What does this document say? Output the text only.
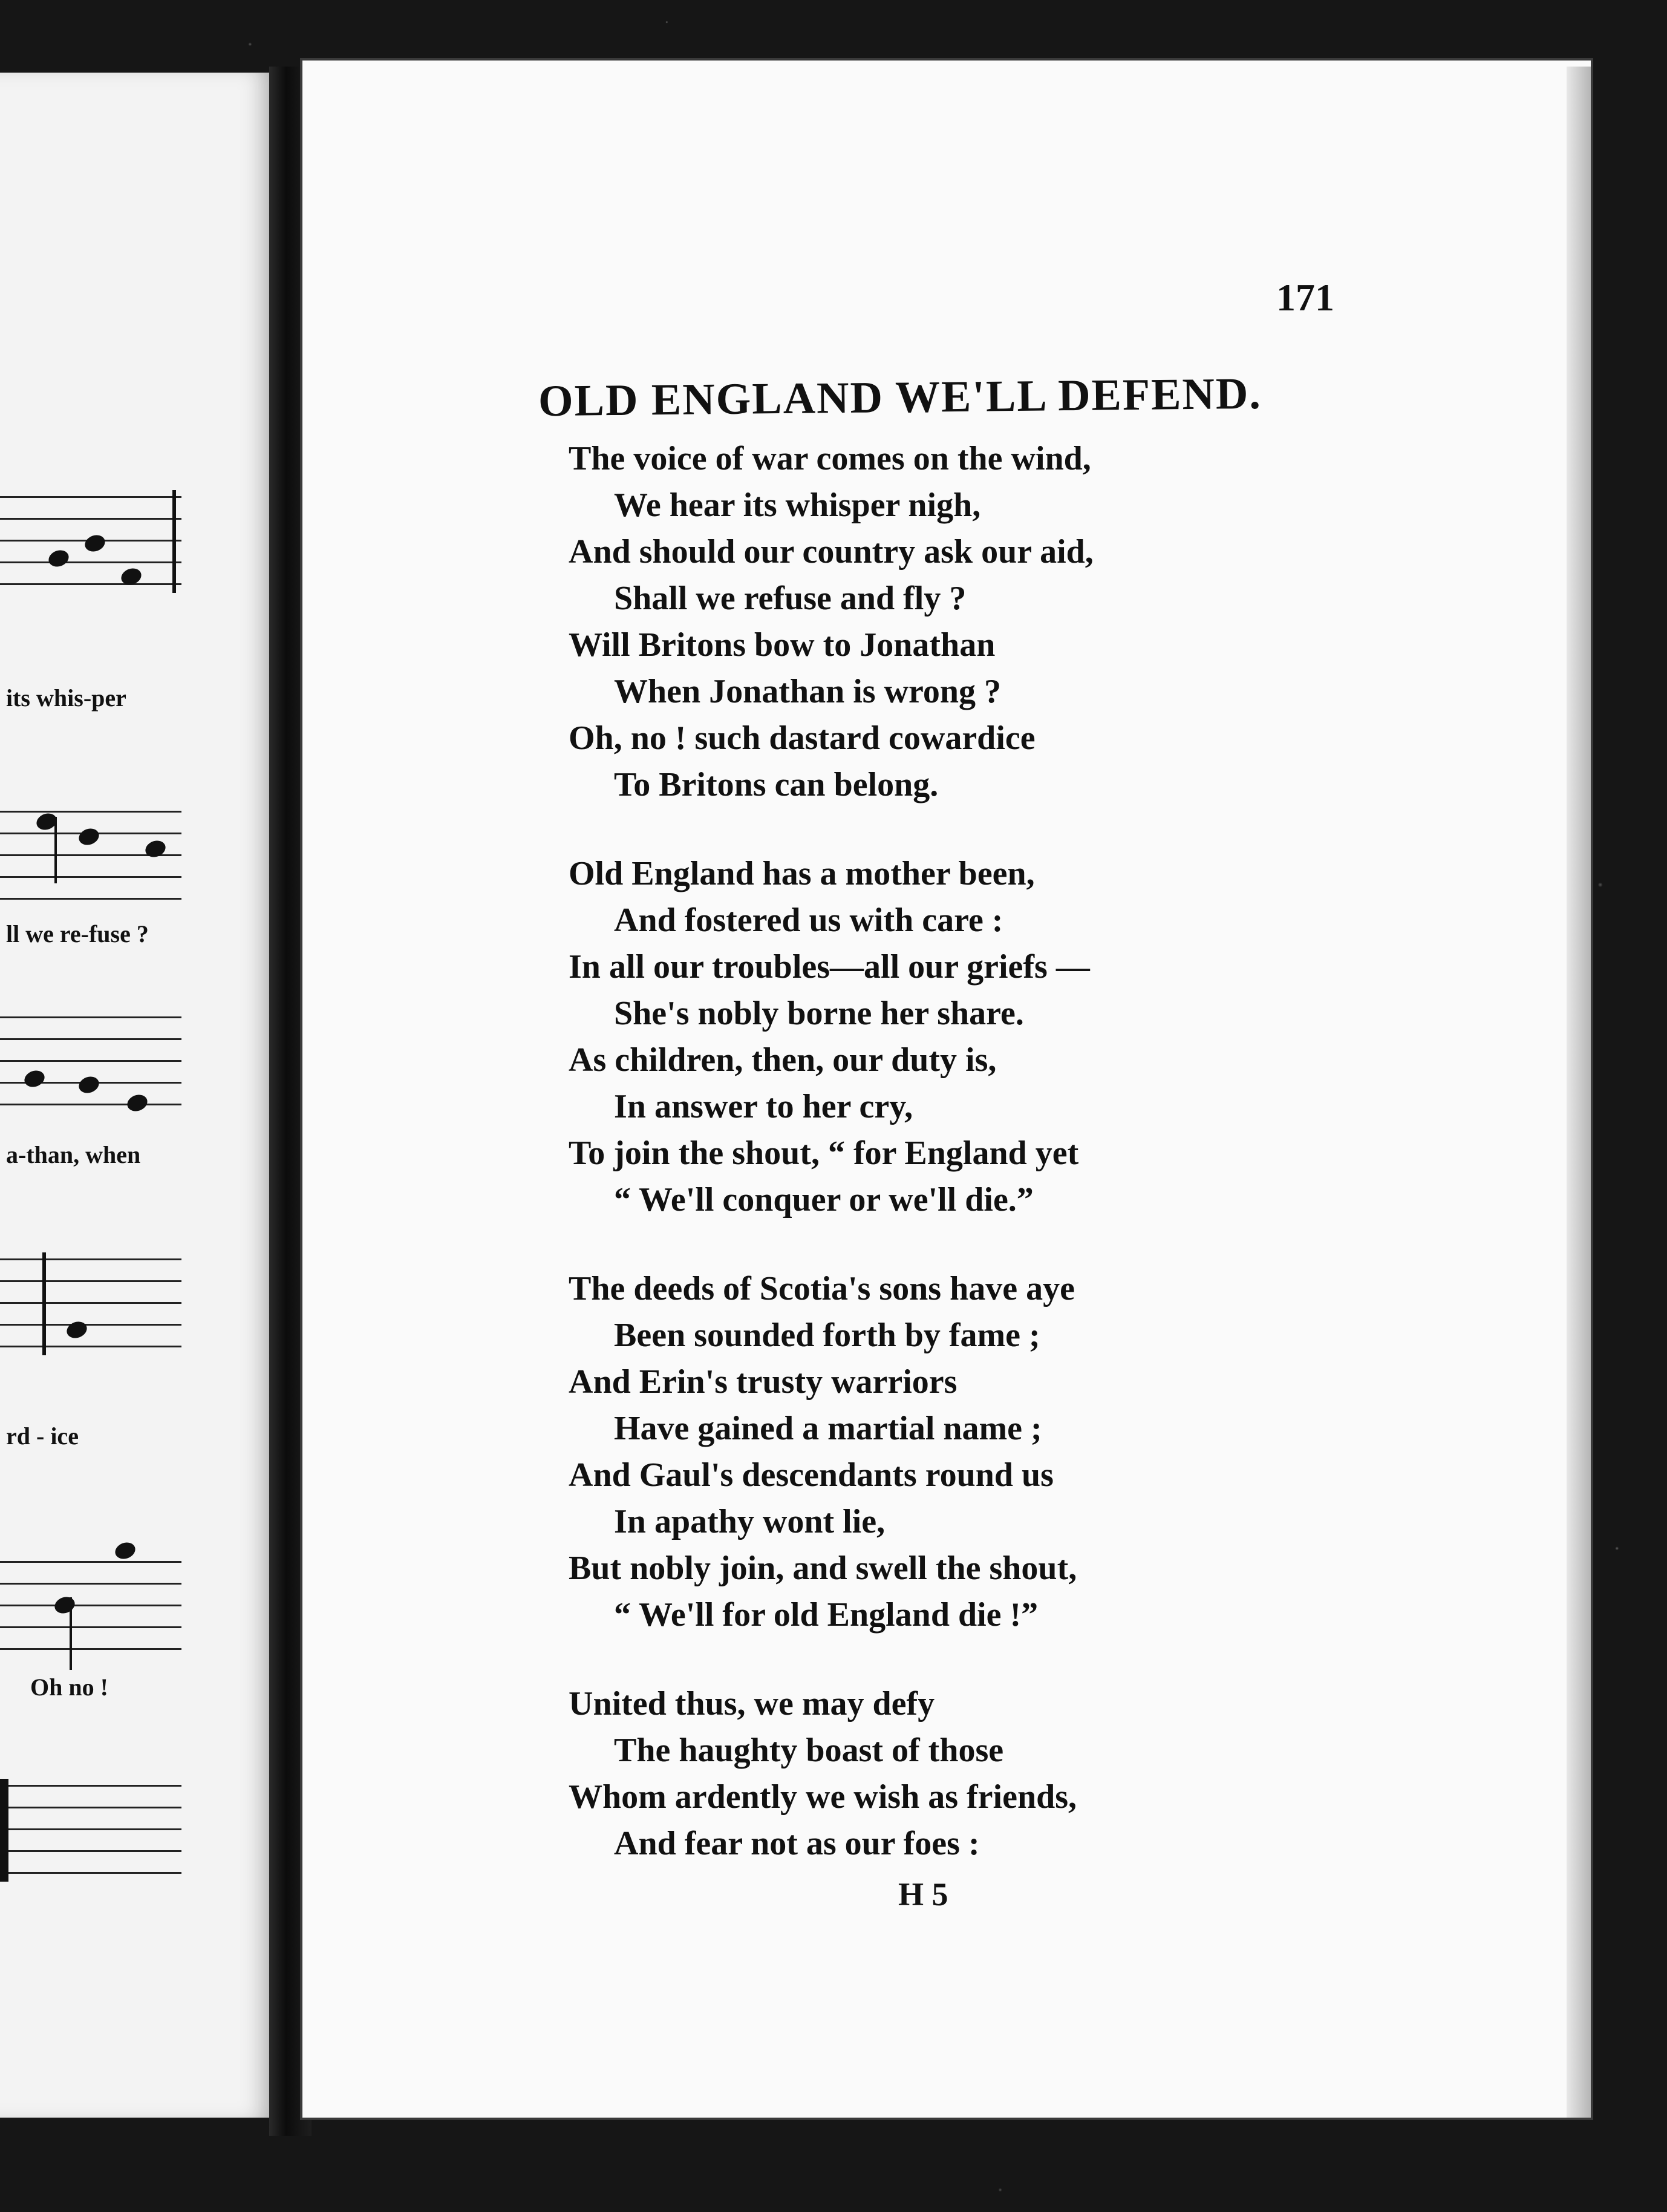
its whis-per
ll we re-fuse ?
a-than, when
rd - ice
Oh no !
171
OLD ENGLAND WE'LL DEFEND.
The voice of war comes on the wind,
We hear its whisper nigh,
And should our country ask our aid,
Shall we refuse and fly ?
Will Britons bow to Jonathan
When Jonathan is wrong ?
Oh, no ! such dastard cowardice
To Britons can belong.
Old England has a mother been,
And fostered us with care :
In all our troubles—all our griefs —
She's nobly borne her share.
As children, then, our duty is,
In answer to her cry,
To join the shout, “ for England yet
“ We'll conquer or we'll die.”
The deeds of Scotia's sons have aye
Been sounded forth by fame ;
And Erin's trusty warriors
Have gained a martial name ;
And Gaul's descendants round us
In apathy wont lie,
But nobly join, and swell the shout,
“ We'll for old England die !”
United thus, we may defy
The haughty boast of those
Whom ardently we wish as friends,
And fear not as our foes :
H 5
